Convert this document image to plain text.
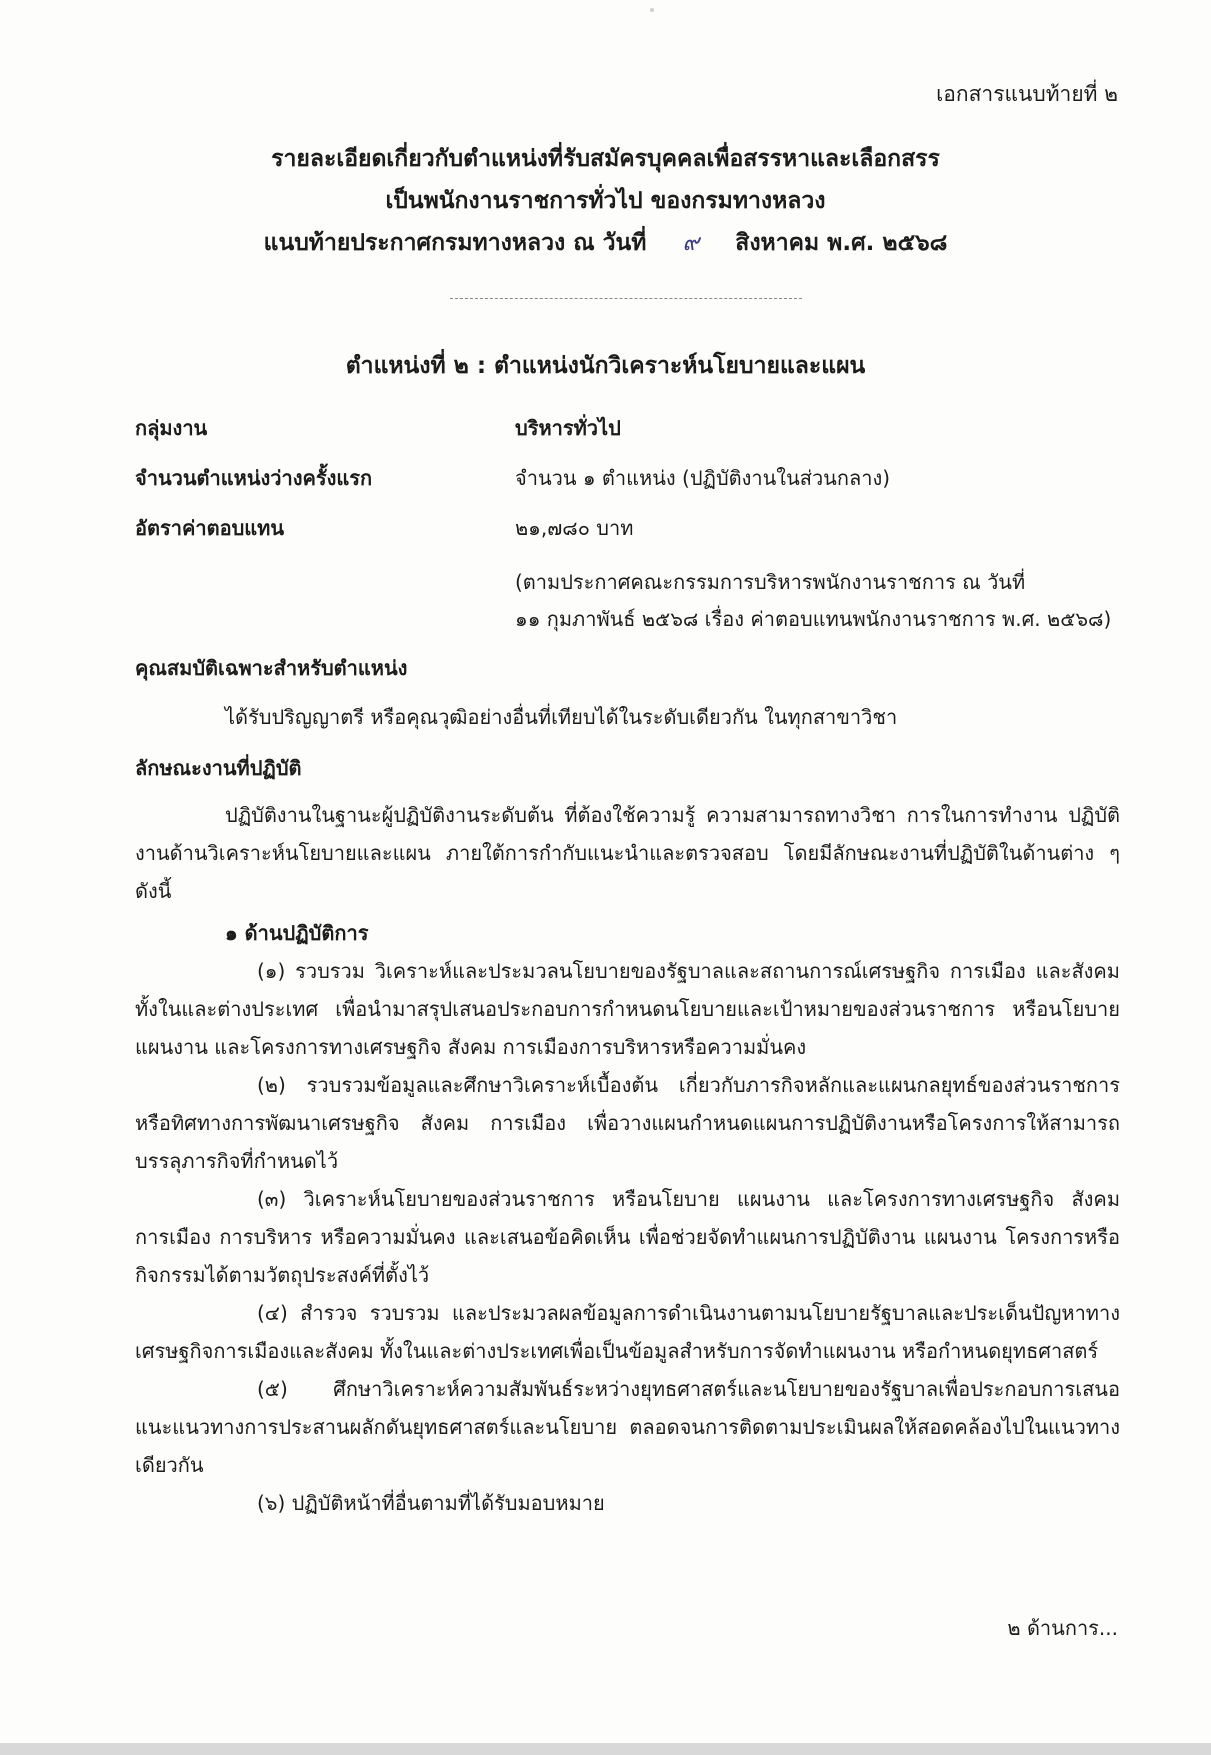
เอกสารแนบท้ายที่ ๒
รายละเอียดเกี่ยวกับตำแหน่งที่รับสมัครบุคคลเพื่อสรรหาและเลือกสรร
เป็นพนักงานราชการทั่วไป ของกรมทางหลวง
แนบท้ายประกาศกรมทางหลวง ณ วันที่ ๙ สิงหาคม พ.ศ. ๒๕๖๘
ตำแหน่งที่ ๒ : ตำแหน่งนักวิเคราะห์นโยบายและแผน
กลุ่มงาน	บริหารทั่วไป
จำนวนตำแหน่งว่างครั้งแรก	จำนวน ๑ ตำแหน่ง (ปฏิบัติงานในส่วนกลาง)
อัตราค่าตอบแทน	๒๑,๗๘๐ บาท
(ตามประกาศคณะกรรมการบริหารพนักงานราชการ ณ วันที่
๑๑ กุมภาพันธ์ ๒๕๖๘ เรื่อง ค่าตอบแทนพนักงานราชการ พ.ศ. ๒๕๖๘)
คุณสมบัติเฉพาะสำหรับตำแหน่ง
ได้รับปริญญาตรี หรือคุณวุฒิอย่างอื่นที่เทียบได้ในระดับเดียวกัน ในทุกสาขาวิชา
ลักษณะงานที่ปฏิบัติ
ปฏิบัติงานในฐานะผู้ปฏิบัติงานระดับต้น ที่ต้องใช้ความรู้ ความสามารถทางวิชา การในการทำงาน ปฏิบัติงานด้านวิเคราะห์นโยบายและแผน ภายใต้การกำกับแนะนำและตรวจสอบ โดยมีลักษณะงานที่ปฏิบัติในด้านต่าง ๆ ดังนี้
๑ ด้านปฏิบัติการ
(๑) รวบรวม วิเคราะห์และประมวลนโยบายของรัฐบาลและสถานการณ์เศรษฐกิจ การเมือง และสังคม ทั้งในและต่างประเทศ เพื่อนำมาสรุปเสนอประกอบการกำหนดนโยบายและเป้าหมายของส่วนราชการ หรือนโยบายแผนงาน และโครงการทางเศรษฐกิจ สังคม การเมืองการบริหารหรือความมั่นคง
(๒) รวบรวมข้อมูลและศึกษาวิเคราะห์เบื้องต้น เกี่ยวกับภารกิจหลักและแผนกลยุทธ์ของส่วนราชการ หรือทิศทางการพัฒนาเศรษฐกิจ สังคม การเมือง เพื่อวางแผนกำหนดแผนการปฏิบัติงานหรือโครงการให้สามารถบรรลุภารกิจที่กำหนดไว้
(๓) วิเคราะห์นโยบายของส่วนราชการ หรือนโยบาย แผนงาน และโครงการทางเศรษฐกิจ สังคม การเมือง การบริหาร หรือความมั่นคง และเสนอข้อคิดเห็น เพื่อช่วยจัดทำแผนการปฏิบัติงาน แผนงาน โครงการหรือกิจกรรมได้ตามวัตถุประสงค์ที่ตั้งไว้
(๔) สำรวจ รวบรวม และประมวลผลข้อมูลการดำเนินงานตามนโยบายรัฐบาลและประเด็นปัญหาทางเศรษฐกิจการเมืองและสังคม ทั้งในและต่างประเทศเพื่อเป็นข้อมูลสำหรับการจัดทำแผนงาน หรือกำหนดยุทธศาสตร์
(๕) ศึกษาวิเคราะห์ความสัมพันธ์ระหว่างยุทธศาสตร์และนโยบายของรัฐบาลเพื่อประกอบการเสนอแนะแนวทางการประสานผลักดันยุทธศาสตร์และนโยบาย ตลอดจนการติดตามประเมินผลให้สอดคล้องไปในแนวทางเดียวกัน
(๖) ปฏิบัติหน้าที่อื่นตามที่ได้รับมอบหมาย
๒ ด้านการ...
